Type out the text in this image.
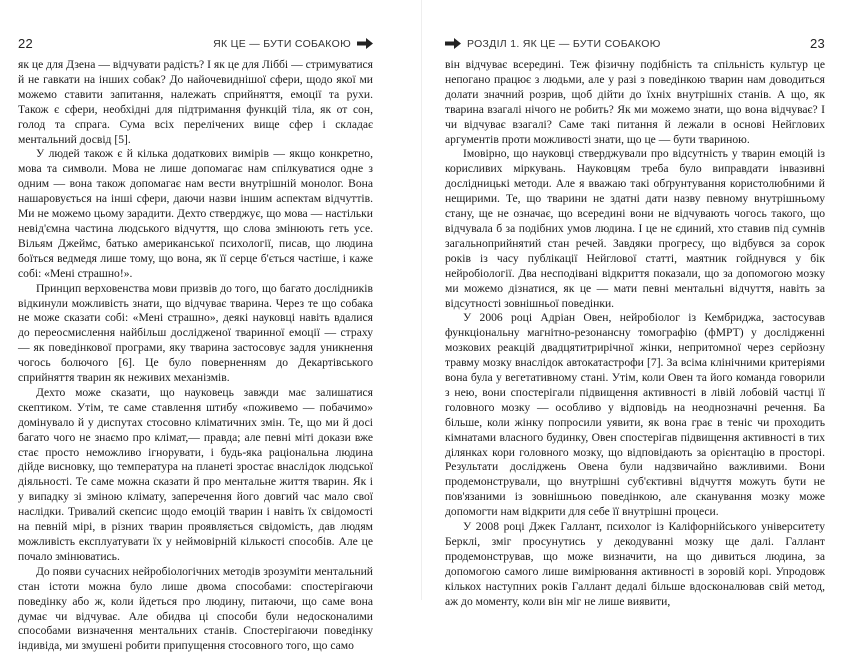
22	ЯК ЦЕ — БУТИ СОБАКОЮ

як це для Дзена — відчувати радість? І як це для Ліббі — стримуватися й не гавкати на інших собак? До найочевиднішої сфери, щодо якої ми можемо ставити запитання, належать сприйняття, емоції та рухи. Також є сфери, необхідні для підтримання функцій тіла, як от сон, голод та спрага. Сума всіх перелічених вище сфер і складає ментальний досвід [5].

У людей також є й кілька додаткових вимірів — якщо конкретно, мова та символи. Мова не лише допомагає нам спілкуватися одне з одним — вона також допомагає нам вести внутрішній монолог. Вона нашаровується на інші сфери, даючи назви іншим аспектам відчуттів. Ми не можемо цьому зарадити. Дехто стверджує, що мова — настільки невід'ємна частина людського відчуття, що слова змінюють геть усе. Вільям Джеймс, батько американської психології, писав, що людина боїться ведмедя лише тому, що вона, як її серце б'ється частіше, і каже собі: «Мені страшно!».

Принцип верховенства мови призвів до того, що багато дослідників відкинули можливість знати, що відчуває тварина. Через те що собака не може сказати собі: «Мені страшно», деякі науковці навіть вдалися до переосмислення найбільш дослідженої тваринної емоції — страху — як поведінкової програми, яку тварина застосовує задля уникнення чогось болючого [6]. Це було поверненням до Декартівського сприйняття тварин як неживих механізмів.

Дехто може сказати, що науковець завжди має залишатися скептиком. Утім, те саме ставлення штибу «поживемо — побачимо» домінувало й у диспутах стосовно кліматичних змін. Те, що ми й досі багато чого не знаємо про клімат,— правда; але певні міті докази вже стає просто неможливо ігнорувати, і будь-яка раціональна людина дійде висновку, що температура на планеті зростає внаслідок людської діяльності. Те саме можна сказати й про ментальне життя тварин. Як і у випадку зі зміною клімату, заперечення його довгий час мало свої наслідки. Тривалий скепсис щодо емоцій тварин і навіть їх свідомості на певній мірі, в різних тварин проявляється свідомість, дав людям можливість експлуатувати їх у неймовірній кількості способів. Але це почало змінюватись.

До появи сучасних нейробіологічних методів зрозуміти ментальний стан істоти можна було лише двома способами: спостерігаючи поведінку або ж, коли йдеться про людину, питаючи, що саме вона думає чи відчуває. Але обидва ці способи були недосконалими способами визначення ментальних станів. Спостерігаючи поведінку індивіда, ми змушені робити припущення стосовного того, що само

РОЗДІЛ 1. ЯК ЦЕ — БУТИ СОБАКОЮ	23

він відчуває всередині. Теж фізичну подібність та спільність культур це непогано працює з людьми, але у разі з поведінкою тварин нам доводиться долати значний розрив, щоб дійти до їхніх внутрішніх станів. А що, як тварина взагалі нічого не робить? Як ми можемо знати, що вона відчуває? І чи відчуває взагалі? Саме такі питання й лежали в основі Нейгловиx аргументів проти можливості знати, що це — бути твариною.

Імовірно, що науковці стверджували про відсутність у тварин емоцій із корисливих міркувань. Науковцям треба було виправдати інвазивні дослідницькі методи. Але я вважаю такі обґрунтування користолюбними й нещирими. Те, що тварини не здатні дати назву певному внутрішньому стану, ще не означає, що всередині вони не відчувають чогось такого, що відчувала б за подібних умов людина. І це не єдиний, хто ставив під сумнів загальноприйнятий стан речей. Завдяки прогресу, що відбувся за сорок років із часу публікації Нейглової статті, маятник гойднувся у бік нейробіології. Два несподівані відкриття показали, що за допомогою мозку ми можемо дізнатися, як це — мати певні ментальні відчуття, навіть за відсутності зовнішньої поведінки.

У 2006 році Адріан Овен, нейробіолог із Кембриджа, застосував функціональну магнітно-резонансну томографію (фМРТ) у дослідженні мозкових реакцій двадцятитрирічної жінки, непритомної через серйозну травму мозку внаслідок автокатастрофи [7]. За всіма клінічними критеріями вона була у вегетативному стані. Утім, коли Овен та його команда говорили з нею, вони спостерігали підвищення активності в лівій лобовій частці її головного мозку — особливо у відповідь на неоднозначні речення. Ба більше, коли жінку попросили уявити, як вона грає в теніс чи проходить кімнатами власного будинку, Овен спостерігав підвищення активності в тих ділянках кори головного мозку, що відповідають за орієнтацію в просторі. Результати досліджень Овена були надзвичайно важливими. Вони продемонстрували, що внутрішні суб'єктивні відчуття можуть бути не пов'язаними із зовнішньою поведінкою, але сканування мозку може допомогти нам відкрити для себе її внутрішні процеси.

У 2008 році Джек Галлант, психолог із Каліфорнійського університету Берклі, зміг просунутись у декодуванні мозку ще далі. Галлант продемонстрував, що може визначити, на що дивиться людина, за допомогою самого лише вимірювання активності в зоровій корі. Упродовж кількох наступних років Галлант дедалі більше вдосконалював свій метод, аж до моменту, коли він міг не лише виявити,
